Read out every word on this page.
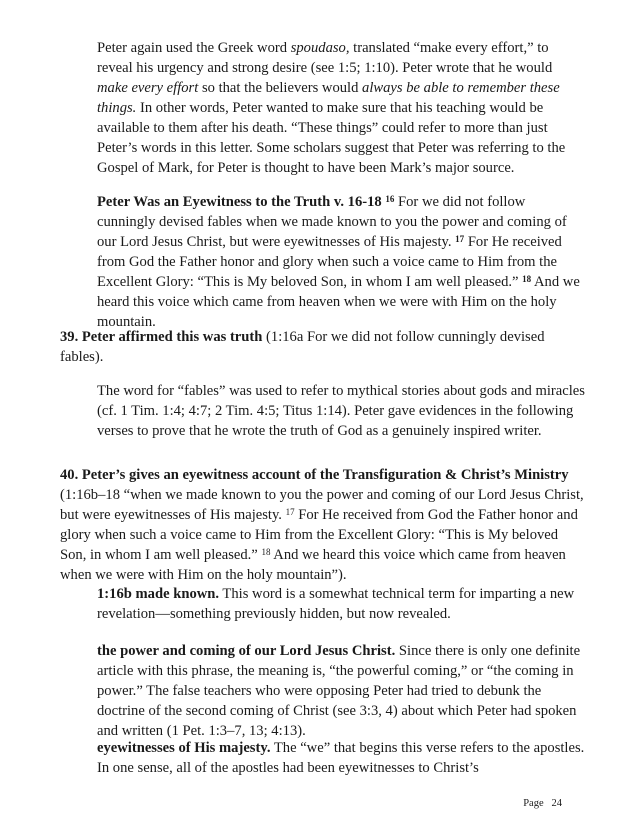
Peter again used the Greek word spoudaso, translated “make every effort,” to reveal his urgency and strong desire (see 1:5; 1:10). Peter wrote that he would make every effort so that the believers would always be able to remember these things. In other words, Peter wanted to make sure that his teaching would be available to them after his death. “These things” could refer to more than just Peter’s words in this letter. Some scholars suggest that Peter was referring to the Gospel of Mark, for Peter is thought to have been Mark’s major source.

Peter Was an Eyewitness to the Truth v. 16-18 $^{16}$ For we did not follow cunningly devised fables when we made known to you the power and coming of our Lord Jesus Christ, but were eyewitnesses of His majesty. $^{17}$ For He received from God the Father honor and glory when such a voice came to Him from the Excellent Glory: “This is My beloved Son, in whom I am well pleased.” $^{18}$ And we heard this voice which came from heaven when we were with Him on the holy mountain.

39. Peter affirmed this was truth (1:16a For we did not follow cunningly devised fables).

The word for “fables” was used to refer to mythical stories about gods and miracles (cf. 1 Tim. 1:4; 4:7; 2 Tim. 4:5; Titus 1:14). Peter gave evidences in the following verses to prove that he wrote the truth of God as a genuinely inspired writer.

40. Peter’s gives an eyewitness account of the Transfiguration & Christ’s Ministry (1:16b–18 “when we made known to you the power and coming of our Lord Jesus Christ, but were eyewitnesses of His majesty. $^{17}$ For He received from God the Father honor and glory when such a voice came to Him from the Excellent Glory: “This is My beloved Son, in whom I am well pleased.” $^{18}$ And we heard this voice which came from heaven when we were with Him on the holy mountain”).

1:16b made known. This word is a somewhat technical term for imparting a new revelation—something previously hidden, but now revealed.

the power and coming of our Lord Jesus Christ. Since there is only one definite article with this phrase, the meaning is, “the powerful coming,” or “the coming in power.” The false teachers who were opposing Peter had tried to debunk the doctrine of the second coming of Christ (see 3:3, 4) about which Peter had spoken and written (1 Pet. 1:3–7, 13; 4:13).

eyewitnesses of His majesty. The “we” that begins this verse refers to the apostles. In one sense, all of the apostles had been eyewitnesses to Christ’s

Page 24
